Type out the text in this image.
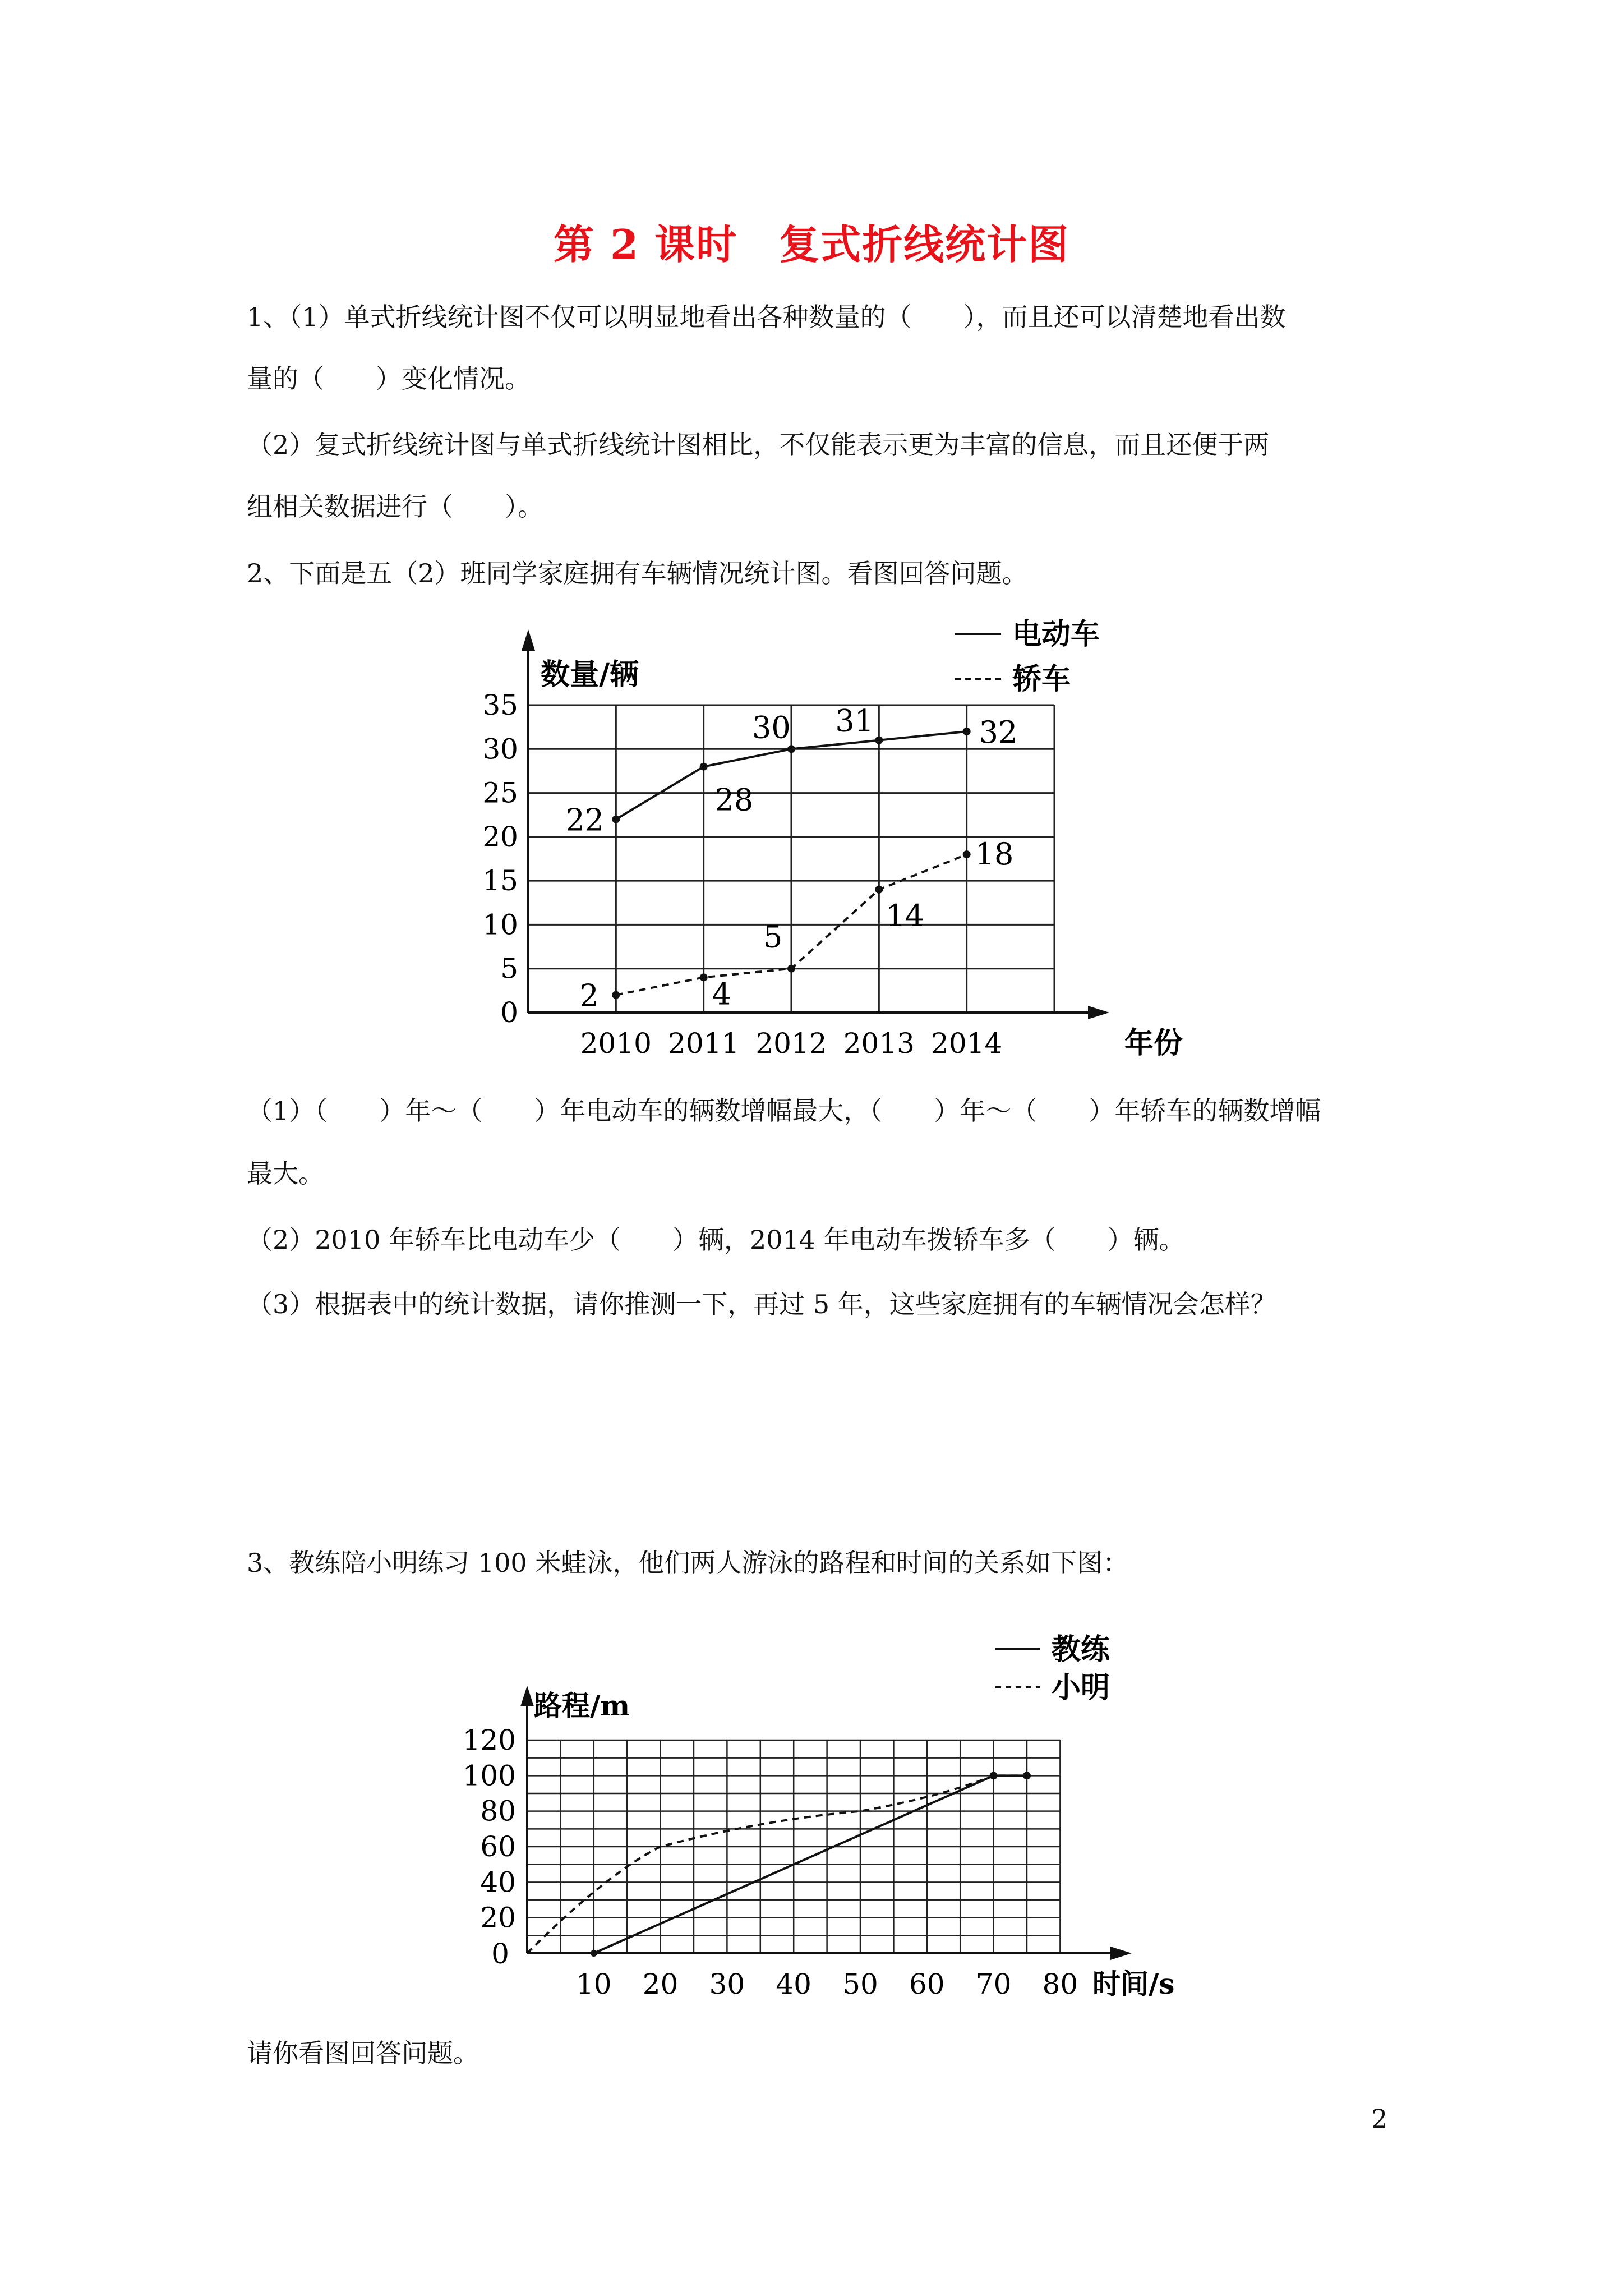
第 2 课时　复式折线统计图
1、（1）单式折线统计图不仅可以明显地看出各种数量的（　　），而且还可以清楚地看出数
量的（　　）变化情况。
（2）复式折线统计图与单式折线统计图相比，不仅能表示更为丰富的信息，而且还便于两
组相关数据进行（　　）。
2、下面是五（2）班同学家庭拥有车辆情况统计图。看图回答问题。
0
5
10
15
20
25
30
35
2010 2011 2012 2013 2014
数量/辆
年份
电动车
轿车
22
28
30 31	32
2	4
5
14
18
（1）（　　）年～（　　）年电动车的辆数增幅最大，（　　）年～（　　）年轿车的辆数增幅
最大。
（2）2010 年轿车比电动车少（　　）辆，2014 年电动车拨轿车多（　　）辆。
（3）根据表中的统计数据，请你推测一下，再过 5 年，这些家庭拥有的车辆情况会怎样？
3、教练陪小明练习 100 米蛙泳，他们两人游泳的路程和时间的关系如下图：
0
20
40
60
80
100
120
10 20 30 40 50 60 70 80
路程/m
时间/s
教练
小明
请你看图回答问题。
2
